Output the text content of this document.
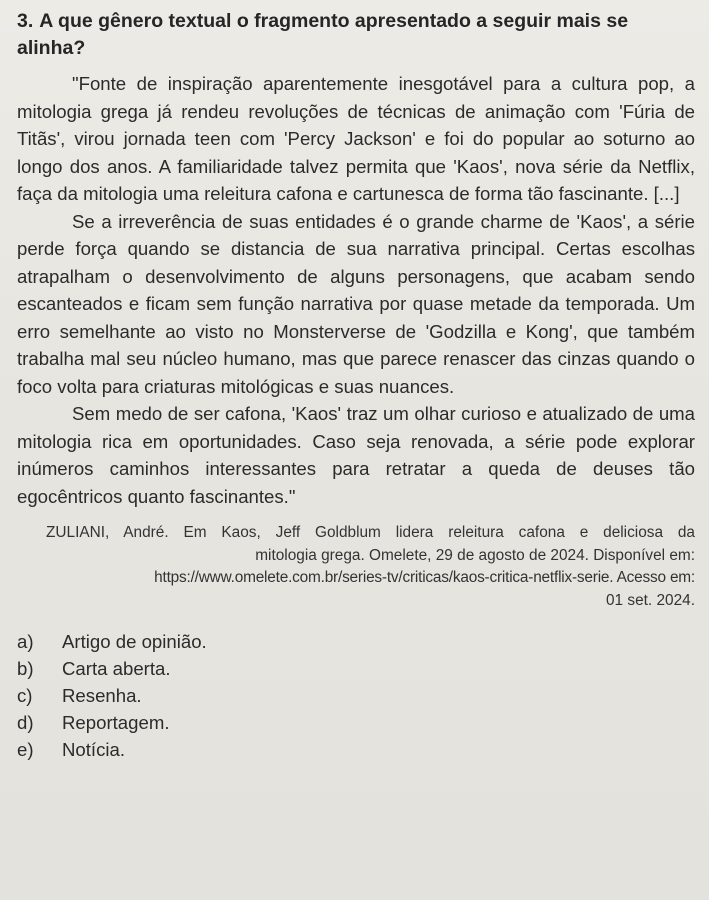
3. A que gênero textual o fragmento apresentado a seguir mais se alinha?

"Fonte de inspiração aparentemente inesgotável para a cultura pop, a mitologia grega já rendeu revoluções de técnicas de animação com 'Fúria de Titãs', virou jornada teen com 'Percy Jackson' e foi do popular ao soturno ao longo dos anos. A familiaridade talvez permita que 'Kaos', nova série da Netflix, faça da mitologia uma releitura cafona e cartunesca de forma tão fascinante. [...]

Se a irreverência de suas entidades é o grande charme de 'Kaos', a série perde força quando se distancia de sua narrativa principal. Certas escolhas atrapalham o desenvolvimento de alguns personagens, que acabam sendo escanteados e ficam sem função narrativa por quase metade da temporada. Um erro semelhante ao visto no Monsterverse de 'Godzilla e Kong', que também trabalha mal seu núcleo humano, mas que parece renascer das cinzas quando o foco volta para criaturas mitológicas e suas nuances.

Sem medo de ser cafona, 'Kaos' traz um olhar curioso e atualizado de uma mitologia rica em oportunidades. Caso seja renovada, a série pode explorar inúmeros caminhos interessantes para retratar a queda de deuses tão egocêntricos quanto fascinantes."

ZULIANI, André. Em Kaos, Jeff Goldblum lidera releitura cafona e deliciosa da
mitologia grega. Omelete, 29 de agosto de 2024. Disponível em:
https://www.omelete.com.br/series-tv/criticas/kaos-critica-netflix-serie. Acesso em:
01 set. 2024.
a)	Artigo de opinião.
b)	Carta aberta.
c)	Resenha.
d)	Reportagem.
e)	Notícia.
